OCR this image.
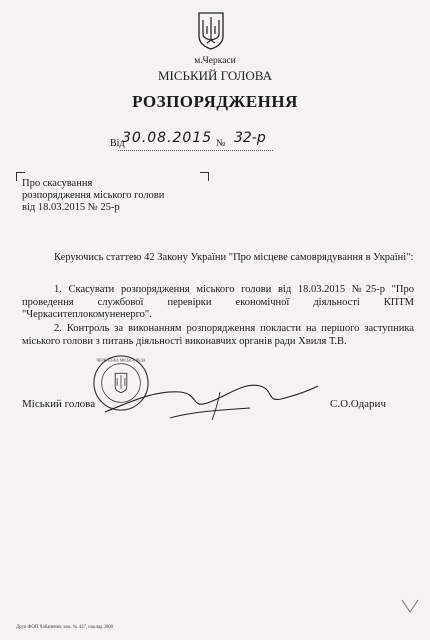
м.Черкаси
МІСЬКИЙ ГОЛОВА
РОЗПОРЯДЖЕННЯ
Від
30.08.2015 № 32-р
Про скасування
розпорядження міського голови
від 18.03.2015 № 25-р
Керуючись статтею 42 Закону України "Про місцеве самоврядування в Україні":
1. Скасувати розпорядження міського голови від 18.03.2015 №25-р "Про проведення службової перевірки економічної діяльності КПТМ "Черкаситеплокомуненерго".
2. Контроль за виконанням розпорядження покласти на першого заступника міського голови з питань діяльності виконавчих органів ради Хвиля Т.В.
ЧЕРКАСЬКА МІСЬКА РАДА
Міський голова	С.О.Одарич
Друк ФОП Чабаненко, зам. № 437, наклад 3000
